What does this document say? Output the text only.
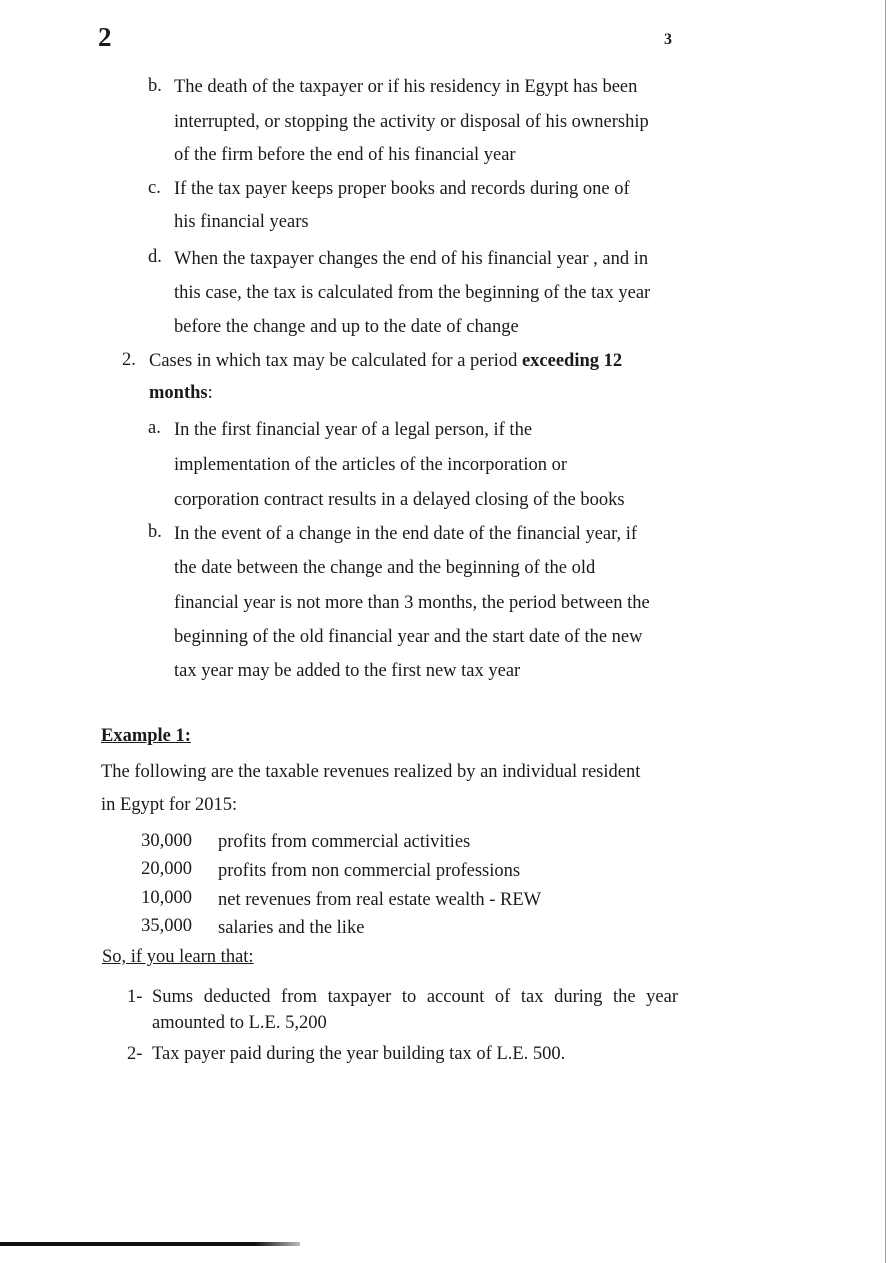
2	3
b. The death of the taxpayer or if his residency in Egypt has been
interrupted, or stopping the activity or disposal of his ownership
of the firm before the end of his financial year
c. If the tax payer keeps proper books and records during one of
his financial years
d. When the taxpayer changes the end of his financial year , and in
this case, the tax is calculated from the beginning of the tax year
before the change and up to the date of change
2. Cases in which tax may be calculated for a period exceeding 12
months:
a. In the first financial year of a legal person, if the
implementation of the articles of the incorporation or
corporation contract results in a delayed closing of the books
b. In the event of a change in the end date of the financial year, if
the date between the change and the beginning of the old
financial year is not more than 3 months, the period between the
beginning of the old financial year and the start date of the new
tax year may be added to the first new tax year
Example 1:
The following are the taxable revenues realized by an individual resident
in Egypt for 2015:
30,000 profits from commercial activities
20,000 profits from non commercial professions
10,000 net revenues from real estate wealth - REW
35,000 salaries and the like
So, if you learn that:
1- Sums deducted from taxpayer to account of tax during the year
amounted to L.E. 5,200
2- Tax payer paid during the year building tax of L.E. 500.
